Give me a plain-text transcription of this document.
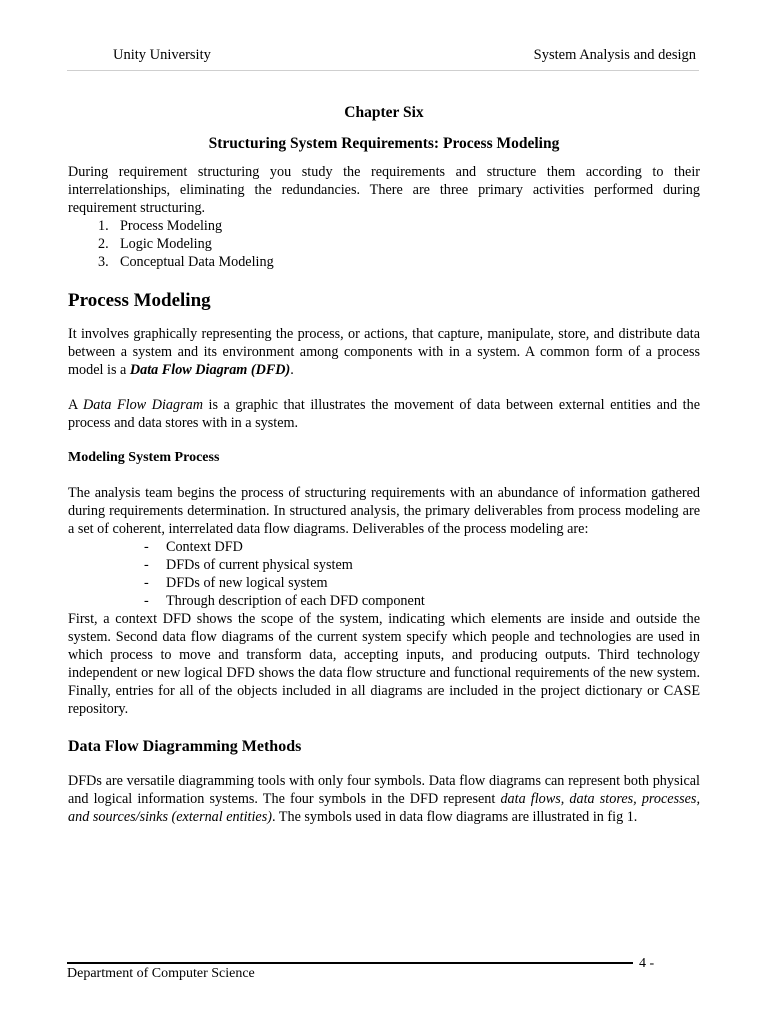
Unity University	System Analysis and design
Chapter Six
Structuring System Requirements: Process Modeling

During requirement structuring you study the requirements and structure them according to their interrelationships, eliminating the redundancies. There are three primary activities performed during requirement structuring.

1. Process Modeling
2. Logic Modeling
3. Conceptual Data Modeling
Process Modeling

It involves graphically representing the process, or actions, that capture, manipulate, store, and distribute data between a system and its environment among components with in a system. A common form of a process model is a Data Flow Diagram (DFD).

A Data Flow Diagram is a graphic that illustrates the movement of data between external entities and the process and data stores with in a system.

Modeling System Process

The analysis team begins the process of structuring requirements with an abundance of information gathered during requirements determination. In structured analysis, the primary deliverables from process modeling are a set of coherent, interrelated data flow diagrams. Deliverables of the process modeling are:

- Context DFD
- DFDs of current physical system
- DFDs of new logical system
- Through description of each DFD component

First, a context DFD shows the scope of the system, indicating which elements are inside and outside the system. Second data flow diagrams of the current system specify which people and technologies are used in which process to move and transform data, accepting inputs, and producing outputs. Third technology independent or new logical DFD shows the data flow structure and functional requirements of the new system. Finally, entries for all of the objects included in all diagrams are included in the project dictionary or CASE repository.

Data Flow Diagramming Methods

DFDs are versatile diagramming tools with only four symbols. Data flow diagrams can represent both physical and logical information systems. The four symbols in the DFD represent data flows, data stores, processes, and sources/sinks (external entities). The symbols used in data flow diagrams are illustrated in fig 1.

Department of Computer Science
4 -
